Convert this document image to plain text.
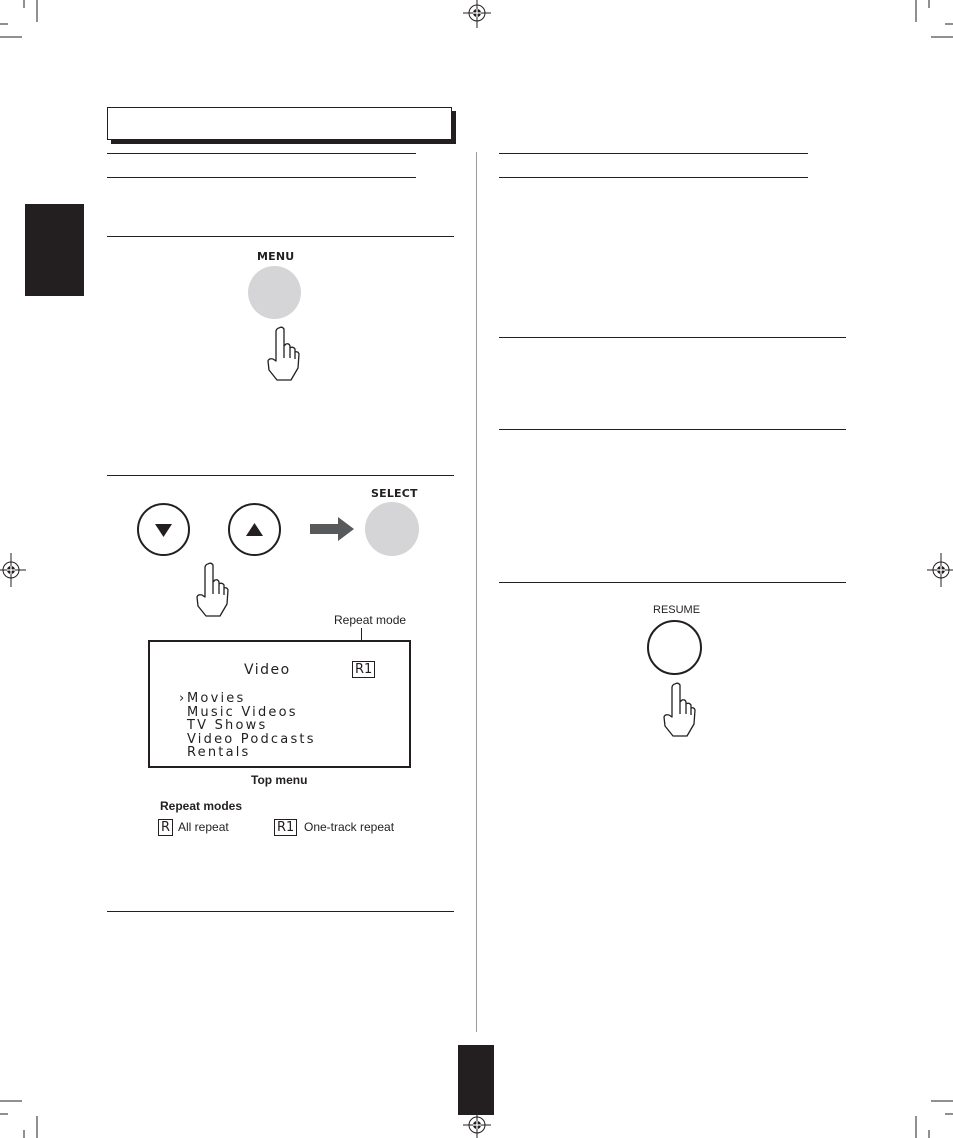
MENU
SELECT
Repeat mode
Video	R1
› Movies
Music Videos
TV Shows
Video Podcasts
Rentals
Top menu
Repeat modes
R All repeat	R1 One-track repeat
RESUME
